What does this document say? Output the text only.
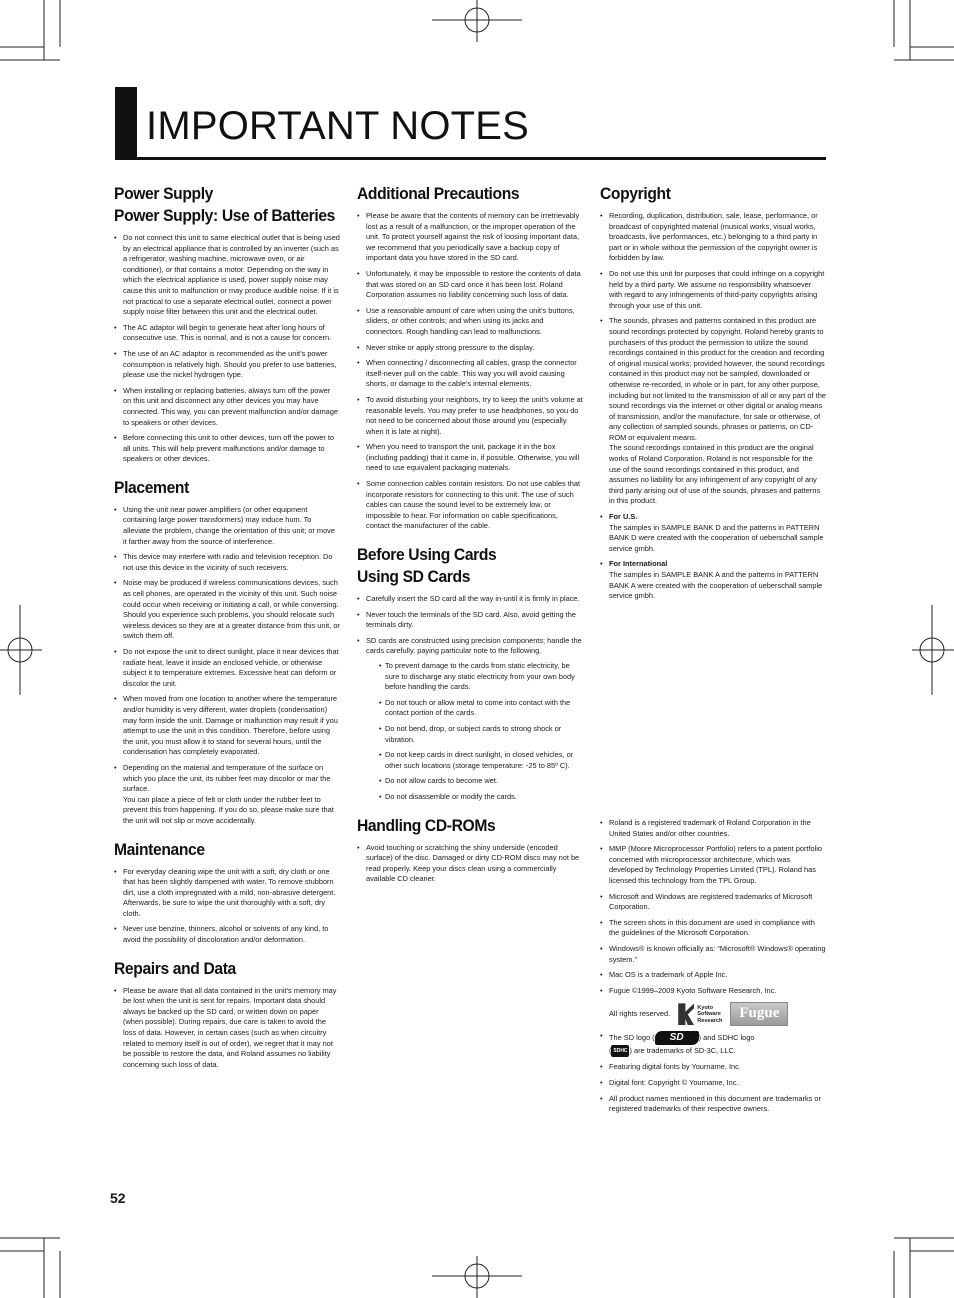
IMPORTANT NOTES
Power Supply
Power Supply: Use of Batteries
• Do not connect this unit to same electrical outlet that is being used by an electrical appliance that is controlled by an inverter (such as a refrigerator, washing machine, microwave oven, or air conditioner), or that contains a motor. Depending on the way in which the electrical appliance is used, power supply noise may cause this unit to malfunction or may produce audible noise. If it is not practical to use a separate electrical outlet, connect a power supply noise filter between this unit and the electrical outlet.
• The AC adaptor will begin to generate heat after long hours of consecutive use. This is normal, and is not a cause for concern.
• The use of an AC adaptor is recommended as the unit’s power consumption is relatively high. Should you prefer to use batteries, please use the nickel hydrogen type.
• When installing or replacing batteries, always turn off the power on this unit and disconnect any other devices you may have connected. This way, you can prevent malfunction and/or damage to speakers or other devices.
• Before connecting this unit to other devices, turn off the power to all units. This will help prevent malfunctions and/or damage to speakers or other devices.
Placement
• Using the unit near power amplifiers (or other equipment containing large power transformers) may induce hum. To alleviate the problem, change the orientation of this unit; or move it farther away from the source of interference.
• This device may interfere with radio and television reception. Do not use this device in the vicinity of such receivers.
• Noise may be produced if wireless communications devices, such as cell phones, are operated in the vicinity of this unit. Such noise could occur when receiving or initiating a call, or while conversing. Should you experience such problems, you should relocate such wireless devices so they are at a greater distance from this unit, or switch them off.
• Do not expose the unit to direct sunlight, place it near devices that radiate heat, leave it inside an enclosed vehicle, or otherwise subject it to temperature extremes. Excessive heat can deform or discolor the unit.
• When moved from one location to another where the temperature and/or humidity is very different, water droplets (condensation) may form inside the unit. Damage or malfunction may result if you attempt to use the unit in this condition. Therefore, before using the unit, you must allow it to stand for several hours, until the condensation has completely evaporated.
• Depending on the material and temperature of the surface on which you place the unit, its rubber feet may discolor or mar the surface.
You can place a piece of felt or cloth under the rubber feet to prevent this from happening. If you do so, please make sure that the unit will not slip or move accidentally.
Maintenance
• For everyday cleaning wipe the unit with a soft, dry cloth or one that has been slightly dampened with water. To remove stubborn dirt, use a cloth impregnated with a mild, non-abrasive detergent. Afterwards, be sure to wipe the unit thoroughly with a soft, dry cloth.
• Never use benzine, thinners, alcohol or solvents of any kind, to avoid the possibility of discoloration and/or deformation.
Repairs and Data
• Please be aware that all data contained in the unit’s memory may be lost when the unit is sent for repairs. Important data should always be backed up the SD card, or written down on paper (when possible). During repairs, due care is taken to avoid the loss of data. However, in certain cases (such as when circuitry related to memory itself is out of order), we regret that it may not be possible to restore the data, and Roland assumes no liability concerning such loss of data.
Additional Precautions
• Please be aware that the contents of memory can be irretrievably lost as a result of a malfunction, or the improper operation of the unit. To protect yourself against the risk of loosing important data, we recommend that you periodically save a backup copy of important data you have stored in the SD card.
• Unfortunately, it may be impossible to restore the contents of data that was stored on an SD card once it has been lost. Roland Corporation assumes no liability concerning such loss of data.
• Use a reasonable amount of care when using the unit’s buttons, sliders, or other controls; and when using its jacks and connectors. Rough handling can lead to malfunctions.
• Never strike or apply strong pressure to the display.
• When connecting / disconnecting all cables, grasp the connector itself-never pull on the cable. This way you will avoid causing shorts, or damage to the cable’s internal elements.
• To avoid disturbing your neighbors, try to keep the unit’s volume at reasonable levels. You may prefer to use headphones, so you do not need to be concerned about those around you (especially when it is late at night).
• When you need to transport the unit, package it in the box (including padding) that it came in, if possible. Otherwise, you will need to use equivalent packaging materials.
• Some connection cables contain resistors. Do not use cables that incorporate resistors for connecting to this unit. The use of such cables can cause the sound level to be extremely low, or impossible to hear. For information on cable specifications, contact the manufacturer of the cable.
Before Using Cards
Using SD Cards
• Carefully insert the SD card all the way in-until it is firmly in place.
• Never touch the terminals of the SD card. Also, avoid getting the terminals dirty.
• SD cards are constructed using precision components; handle the cards carefully, paying particular note to the following.
• To prevent damage to the cards from static electricity, be sure to discharge any static electricity from your own body before handling the cards.
• Do not touch or allow metal to come into contact with the contact portion of the cards.
• Do not bend, drop, or subject cards to strong shock or vibration.
• Do not keep cards in direct sunlight, in closed vehicles, or other such locations (storage temperature: -25 to 85º C).
• Do not allow cards to become wet.
• Do not disassemble or modify the cards.
Handling CD-ROMs
• Avoid touching or scratching the shiny underside (encoded surface) of the disc. Damaged or dirty CD-ROM discs may not be read properly. Keep your discs clean using a commercially available CD cleaner.
Copyright
• Recording, duplication, distribution, sale, lease, performance, or broadcast of copyrighted material (musical works, visual works, broadcasts, live performances, etc.) belonging to a third party in part or in whole without the permission of the copyright owner is forbidden by law.
• Do not use this unit for purposes that could infringe on a copyright held by a third party. We assume no responsibility whatsoever with regard to any infringements of third-party copyrights arising through your use of this unit.
• The sounds, phrases and patterns contained in this product are sound recordings protected by copyright. Roland hereby grants to purchasers of this product the permission to utilize the sound recordings contained in this product for the creation and recording of original musical works; provided however, the sound recordings contained in this product may not be sampled, downloaded or otherwise re-recorded, in whole or in part, for any other purpose, including but not limited to the transmission of all or any part of the sound recordings via the internet or other digital or analog means of transmission, and/or the manufacture, for sale or otherwise, of any collection of sampled sounds, phrases or patterns, on CD-ROM or equivalent means.
The sound recordings contained in this product are the original works of Roland Corporation. Roland is not responsible for the use of the sound recordings contained in this product, and assumes no liability for any infringement of any copyright of any third party arising out of use of the sounds, phrases and patterns in this product.
• For U.S.
The samples in SAMPLE BANK D and the patterns in PATTERN BANK D were created with the cooperation of ueberschall sample service gmbh.
• For International
The samples in SAMPLE BANK A and the patterns in PATTERN BANK A were created with the cooperation of ueberschall sample service gmbh.
• Roland is a registered trademark of Roland Corporation in the United States and/or other countries.
• MMP (Moore Microprocessor Portfolio) refers to a patent portfolio concerned with microprocessor architecture, which was developed by Technology Properties Limited (TPL). Roland has licensed this technology from the TPL Group.
• Microsoft and Windows are registered trademarks of Microsoft Corporation.
• The screen shots in this document are used in compliance with the guidelines of the Microsoft Corporation.
• Windows® is known officially as: “Microsoft® Windows® operating system.”
• Mac OS is a trademark of Apple Inc.
• Fugue ©1999–2009 Kyoto Software Research, Inc.
All rights reserved.
Kyoto
Software
Research	Fugue
• The SD logo ( SD ) and SDHC logo
( SDHC ) are trademarks of SD-3C, LLC.
• Featuring digital fonts by Yourname, Inc.
• Digital font: Copyright © Yourname, Inc.
• All product names mentioned in this document are trademarks or registered trademarks of their respective owners.
52
